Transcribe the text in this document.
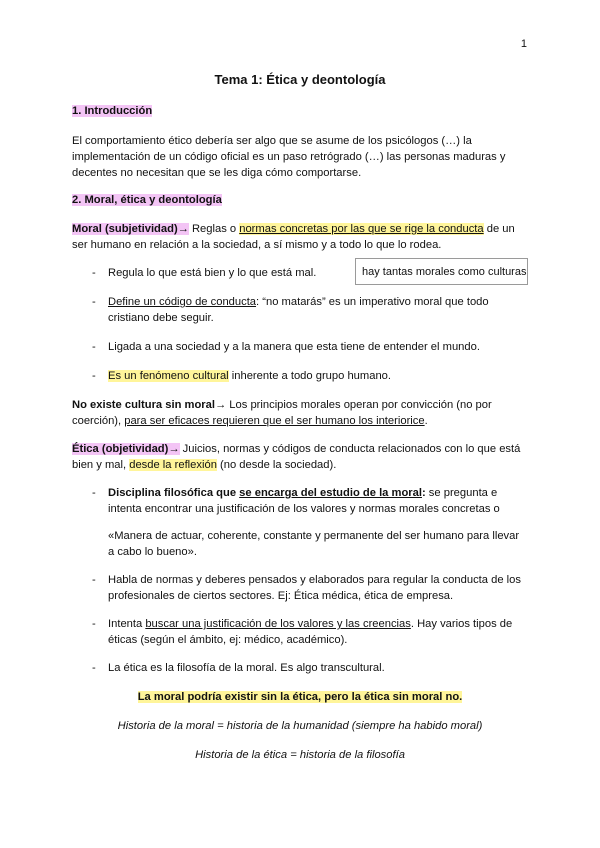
1
Tema 1: Ética y deontología
1. Introducción
El comportamiento ético debería ser algo que se asume de los psicólogos (…) la implementación de un código oficial es un paso retrógrado (…) las personas maduras y decentes no necesitan que se les diga cómo comportarse.
2. Moral, ética y deontología
Moral (subjetividad)→ Reglas o normas concretas por las que se rige la conducta de un ser humano en relación a la sociedad, a sí mismo y a todo lo que lo rodea.
- Regula lo que está bien y lo que está mal.	hay tantas morales como culturas
- Define un código de conducta: “no matarás” es un imperativo moral que todo cristiano debe seguir.
- Ligada a una sociedad y a la manera que esta tiene de entender el mundo.
- Es un fenómeno cultural inherente a todo grupo humano.
No existe cultura sin moral→ Los principios morales operan por convicción (no por coerción), para ser eficaces requieren que el ser humano los interiorice.
Ética (objetividad)→ Juicios, normas y códigos de conducta relacionados con lo que está bien y mal, desde la reflexión (no desde la sociedad).
- Disciplina filosófica que se encarga del estudio de la moral: se pregunta e intenta encontrar una justificación de los valores y normas morales concretas o
«Manera de actuar, coherente, constante y permanente del ser humano para llevar a cabo lo bueno».
- Habla de normas y deberes pensados y elaborados para regular la conducta de los profesionales de ciertos sectores. Ej: Ética médica, ética de empresa.
- Intenta buscar una justificación de los valores y las creencias. Hay varios tipos de éticas (según el ámbito, ej: médico, académico).
- La ética es la filosofía de la moral. Es algo transcultural.
La moral podría existir sin la ética, pero la ética sin moral no.
Historia de la moral = historia de la humanidad (siempre ha habido moral)
Historia de la ética = historia de la filosofía
